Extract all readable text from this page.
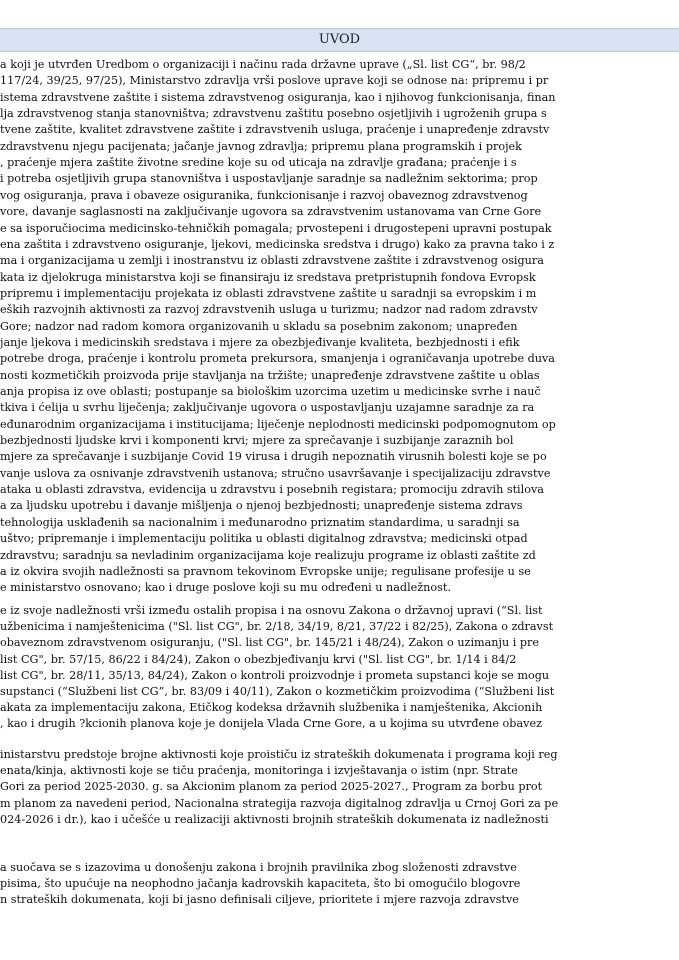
UVOD
a koji je utvrđen Uredbom o organizaciji i načinu rada državne uprave („Sl. list CG“, br. 98/2
117/24, 39/25, 97/25), Ministarstvo zdravlja vrši poslove uprave koji se odnose na: pripremu i pr
istema zdravstvene zaštite i sistema zdravstvenog osiguranja, kao i njihovog funkcionisanja, finan
lja zdravstvenog stanja stanovništva; zdravstvenu zaštitu posebno osjetljivih i ugroženih grupa s
tvene zaštite, kvalitet zdravstvene zaštite i zdravstvenih usluga, praćenje i unapređenje zdravstv
zdravstvenu njegu pacijenata; jačanje javnog zdravlja; pripremu plana programskih i projek
, praćenje mjera zaštite životne sredine koje su od uticaja na zdravlje građana; praćenje i s
i potreba osjetljivih grupa stanovništva i uspostavljanje saradnje sa nadležnim sektorima; prop
vog osiguranja, prava i obaveze osiguranika, funkcionisanje i razvoj obaveznog zdravstvenog
vore, davanje saglasnosti na zaključivanje ugovora sa zdravstvenim ustanovama van Crne Gore
e sa isporučiocima medicinsko-tehničkih pomagala; prvostepeni i drugostepeni upravni postupak
ena zaštita i zdravstveno osiguranje, ljekovi, medicinska sredstva i drugo) kako za pravna tako i z
ma i organizacijama u zemlji i inostranstvu iz oblasti zdravstvene zaštite i zdravstvenog osigura
kata iz djelokruga ministarstva koji se finansiraju iz sredstava pretpristupnih fondova Evropsk
pripremu i implementaciju projekata iz oblasti zdravstvene zaštite u saradnji sa evropskim i m
eških razvojnih aktivnosti za razvoj zdravstvenih usluga u turizmu; nadzor nad radom zdravstv
Gore; nadzor nad radom komora organizovanih u skladu sa posebnim zakonom; unapređen
janje ljekova i medicinskih sredstava i mjere za obezbjeđivanje kvaliteta, bezbjednosti i efik
potrebe droga, praćenje i kontrolu prometa prekursora, smanjenja i ograničavanja upotrebe duva
nosti kozmetičkih proizvoda prije stavljanja na tržište; unapređenje zdravstvene zaštite u oblas
anja propisa iz ove oblasti; postupanje sa biološkim uzorcima uzetim u medicinske svrhe i nauč
tkiva i ćelija u svrhu liječenja; zaključivanje ugovora o uspostavljanju uzajamne saradnje za ra
eđunarodnim organizacijama i institucijama; liječenje neplodnosti medicinski podpomognutom op
bezbjednosti ljudske krvi i komponenti krvi; mjere za sprečavanje i suzbijanje zaraznih bol
mjere za sprečavanje i suzbijanje Covid 19 virusa i drugih nepoznatih virusnih bolesti koje se po
vanje uslova za osnivanje zdravstvenih ustanova; stručno usavršavanje i specijalizaciju zdravstve
ataka u oblasti zdravstva, evidencija u zdravstvu i posebnih registara; promociju zdravih stilova
a za ljudsku upotrebu i davanje mišljenja o njenoj bezbjednosti; unapređenje sistema zdravs
tehnologija usklađenih sa nacionalnim i međunarodno priznatim standardima, u saradnji sa
uštvo; pripremanje i implementaciju politika u oblasti digitalnog zdravstva; medicinski otpad
zdravstvu; saradnju sa nevladinim organizacijama koje realizuju programe iz oblasti zaštite zd
a iz okvira svojih nadležnosti sa pravnom tekovinom Evropske unije; regulisane profesije u se
e ministarstvo osnovano; kao i druge poslove koji su mu određeni u nadležnost.
e iz svoje nadležnosti vrši između ostalih propisa i na osnovu Zakona o državnoj upravi (“Sl. list
užbenicima i namještenicima ("Sl. list CG", br. 2/18, 34/19, 8/21, 37/22 i 82/25), Zakona o zdravst
obaveznom zdravstvenom osiguranju, ("Sl. list CG", br. 145/21 i 48/24), Zakon o uzimanju i pre
list CG", br. 57/15, 86/22 i 84/24), Zakon o obezbjeđivanju krvi ("Sl. list CG", br. 1/14 i 84/2
list CG", br. 28/11, 35/13, 84/24), Zakon o kontroli proizvodnje i prometa supstanci koje se mogu
supstanci (“Službeni list CG”, br. 83/09 i 40/11), Zakon o kozmetičkim proizvodima (“Službeni list
akata za implementaciju zakona, Etičkog kodeksa državnih službenika i namještenika, Akcionih
, kao i drugih ?kcionih planova koje je donijela Vlada Crne Gore, a u kojima su utvrđene obavez
inistarstvu predstoje brojne aktivnosti koje proističu iz strateških dokumenata i programa koji reg
enata/kinja, aktivnosti koje se tiču praćenja, monitoringa i izvještavanja o istim (npr. Strate
Gori za period 2025-2030. g. sa Akcionim planom za period 2025-2027., Program za borbu prot
m planom za navedeni period, Nacionalna strategija razvoja digitalnog zdravlja u Crnoj Gori za pe
024-2026 i dr.), kao i učešće u realizaciji aktivnosti brojnih strateških dokumenata iz nadležnosti
a suočava se s izazovima u donošenju zakona i brojnih pravilnika zbog složenosti zdravstve
pisima, što upućuje na neophodno jačanja kadrovskih kapaciteta, što bi omogućilo blogovre
n strateških dokumenata, koji bi jasno definisali ciljeve, prioritete i mjere razvoja zdravstve
